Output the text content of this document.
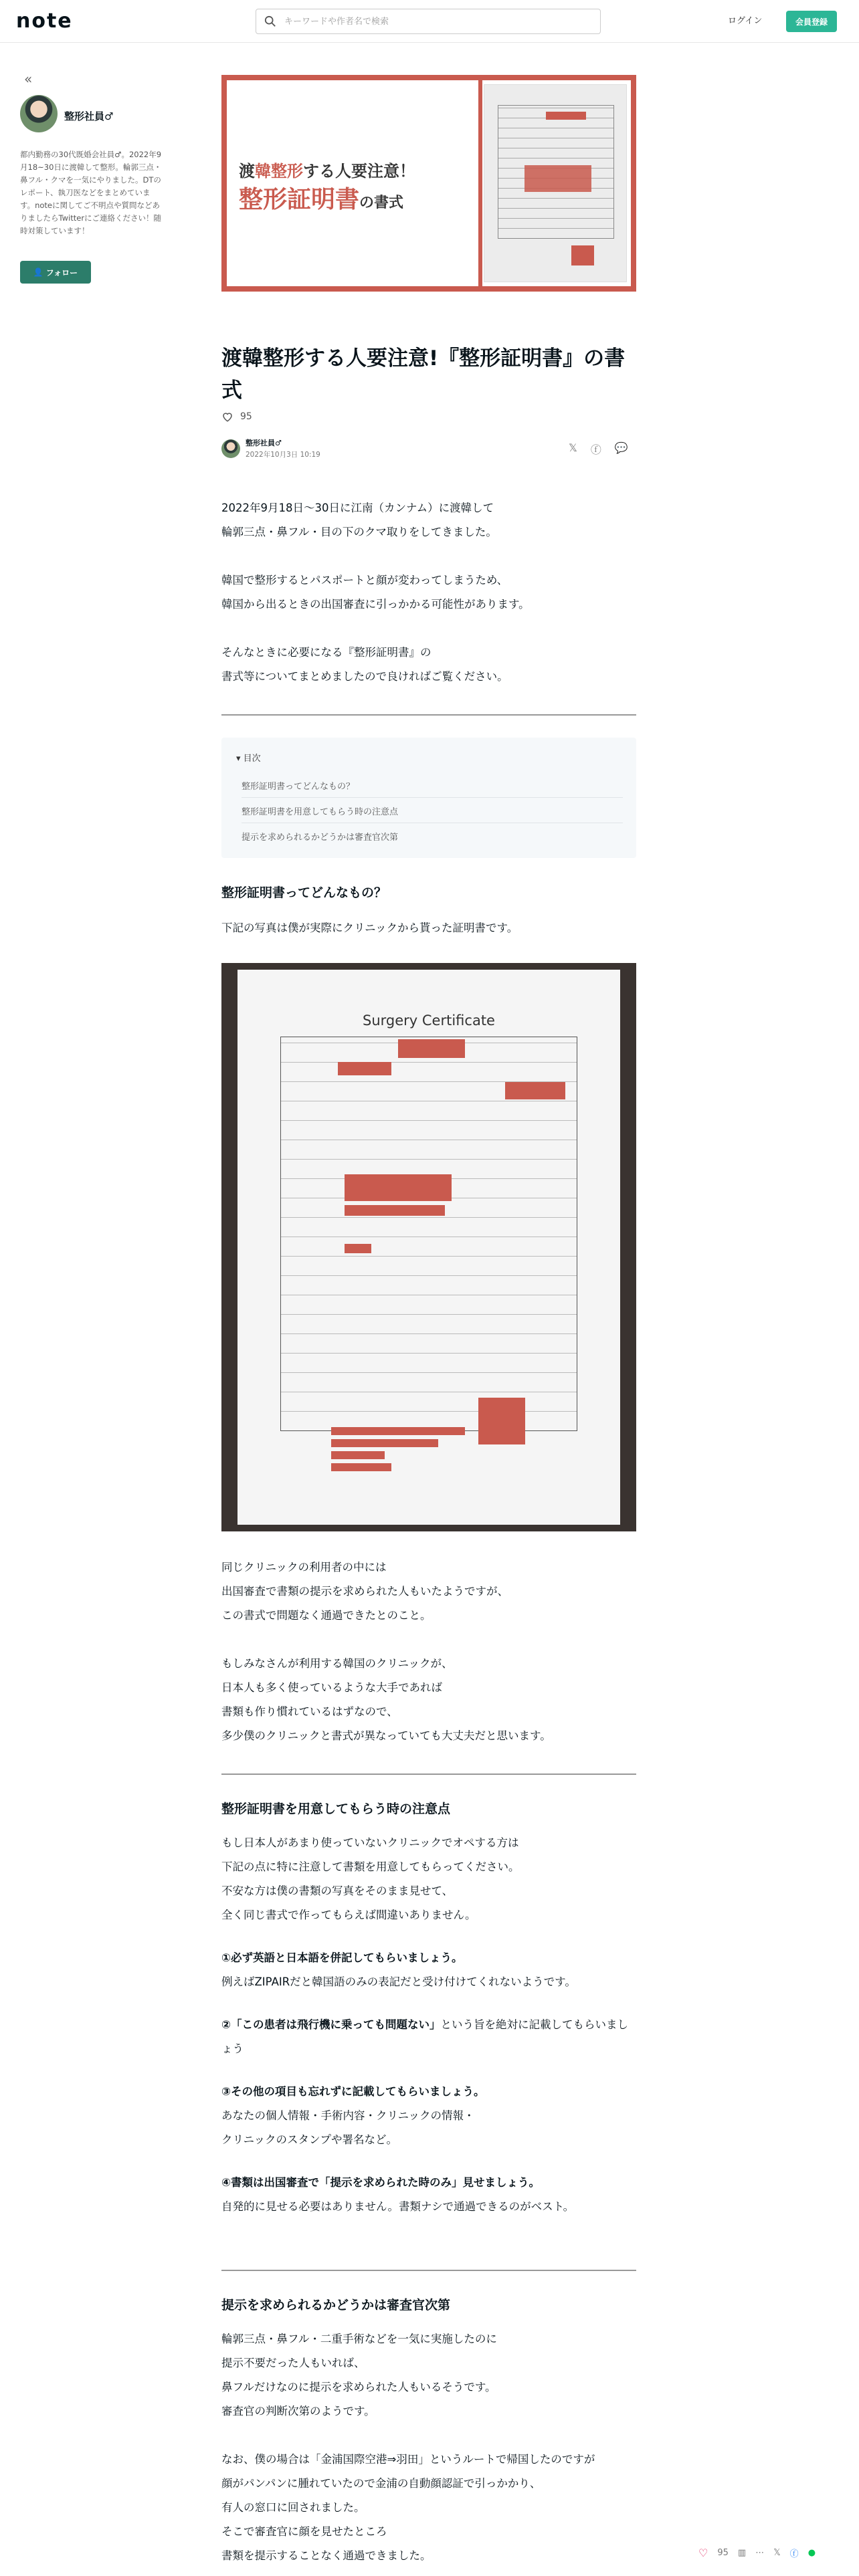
note
キーワードや作者名で検索	ログイン	会員登録
«
整形社員♂
都内勤務の30代既婚会社員♂。2022年9月18~30日に渡韓して整形。輪郭三点・鼻フル・クマを一気にやりました。DTのレポート、執刀医などをまとめています。noteに関してご不明点や質問などありましたらTwitterにご連絡ください！随時対策しています！
👤 フォロー
渡韓整形する人要注意！
整形証明書の書式
渡韓整形する人要注意!『整形証明書』の書式
95
整形社員♂
2022年10月3日 10:19
𝕏 ⓕ 💬
2022年9月18日〜30日に江南（カンナム）に渡韓して
輪郭三点・鼻フル・目の下のクマ取りをしてきました。
韓国で整形するとパスポートと顔が変わってしまうため、
韓国から出るときの出国審査に引っかかる可能性があります。
そんなときに必要になる『整形証明書』の
書式等についてまとめましたので良ければご覧ください。
▾ 目次
整形証明書ってどんなもの？
整形証明書を用意してもらう時の注意点
提示を求められるかどうかは審査官次第
整形証明書ってどんなもの？
下記の写真は僕が実際にクリニックから貰った証明書です。
Surgery Certificate
同じクリニックの利用者の中には
出国審査で書類の提示を求められた人もいたようですが、
この書式で問題なく通過できたとのこと。
もしみなさんが利用する韓国のクリニックが、
日本人も多く使っているような大手であれば
書類も作り慣れているはずなので、
多少僕のクリニックと書式が異なっていても大丈夫だと思います。
整形証明書を用意してもらう時の注意点
もし日本人があまり使っていないクリニックでオペする方は
下記の点に特に注意して書類を用意してもらってください。
不安な方は僕の書類の写真をそのまま見せて、
全く同じ書式で作ってもらえば間違いありません。
①必ず英語と日本語を併記してもらいましょう。
例えばZIPAIRだと韓国語のみの表記だと受け付けてくれないようです。
②「この患者は飛行機に乗っても問題ない」という旨を絶対に記載してもらいましょう
③その他の項目も忘れずに記載してもらいましょう。
あなたの個人情報・手術内容・クリニックの情報・
クリニックのスタンプや署名など。
④書類は出国審査で「提示を求められた時のみ」見せましょう。
自発的に見せる必要はありません。書類ナシで通過できるのがベスト。
提示を求められるかどうかは審査官次第
輪郭三点・鼻フル・二重手術などを一気に実施したのに
提示不要だった人もいれば、
鼻フルだけなのに提示を求められた人もいるそうです。
審査官の判断次第のようです。
なお、僕の場合は「金浦国際空港⇒羽田」というルートで帰国したのですが
顔がパンパンに腫れていたので金浦の自動顔認証で引っかかり、
有人の窓口に回されました。
そこで審査官に顔を見せたところ
書類を提示することなく通過できました。	♡ 95 ▥ ⋯ 𝕏 ⓕ ●
